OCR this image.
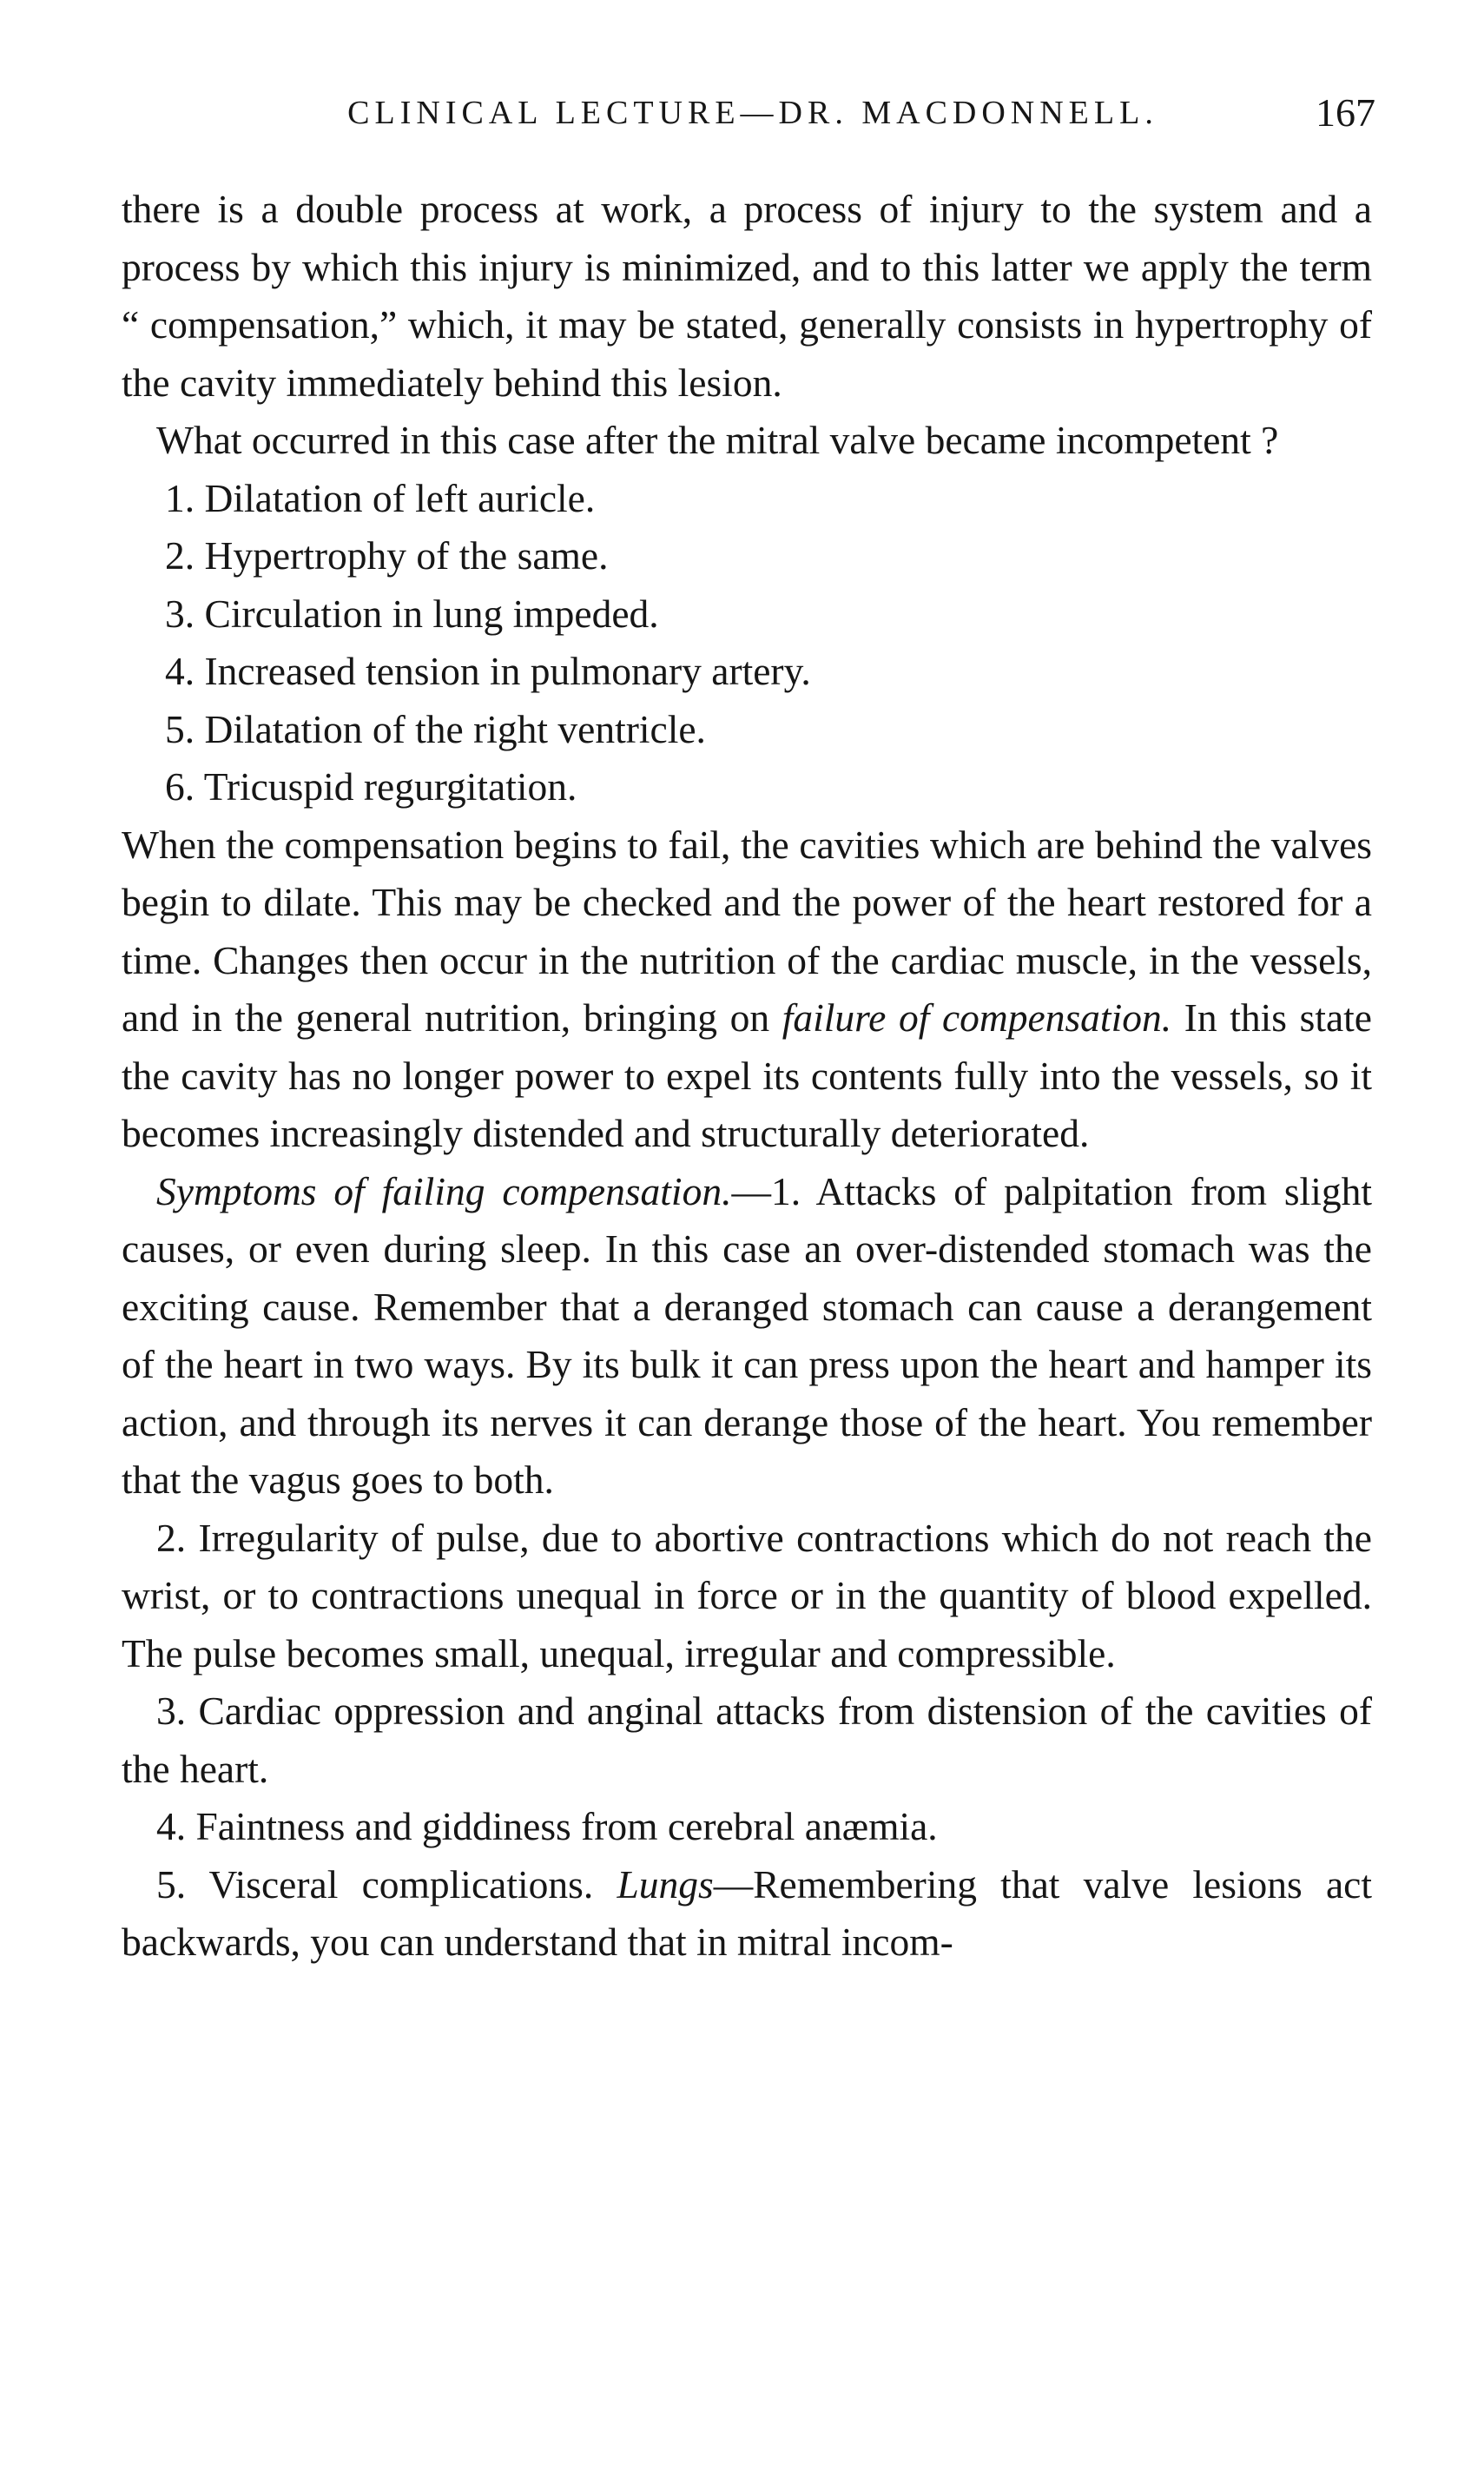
CLINICAL LECTURE—DR. MACDONNELL.	167

there is a double process at work, a process of injury to the system and a process by which this injury is minimized, and to this latter we apply the term “ compensation,” which, it may be stated, generally consists in hypertrophy of the cavity immediately behind this lesion.

What occurred in this case after the mitral valve became incompetent ?

1. Dilatation of left auricle.

2. Hypertrophy of the same.

3. Circulation in lung impeded.

4. Increased tension in pulmonary artery.

5. Dilatation of the right ventricle.

6. Tricuspid regurgitation.

When the compensation begins to fail, the cavities which are behind the valves begin to dilate. This may be checked and the power of the heart restored for a time. Changes then occur in the nutrition of the cardiac muscle, in the vessels, and in the general nutrition, bringing on failure of compensation. In this state the cavity has no longer power to expel its contents fully into the vessels, so it becomes increasingly distended and structurally deteriorated.

Symptoms of failing compensation.—1. Attacks of palpitation from slight causes, or even during sleep. In this case an over-distended stomach was the exciting cause. Remember that a deranged stomach can cause a derangement of the heart in two ways. By its bulk it can press upon the heart and hamper its action, and through its nerves it can derange those of the heart. You remember that the vagus goes to both.

2. Irregularity of pulse, due to abortive contractions which do not reach the wrist, or to contractions unequal in force or in the quantity of blood expelled. The pulse becomes small, unequal, irregular and compressible.

3. Cardiac oppression and anginal attacks from distension of the cavities of the heart.

4. Faintness and giddiness from cerebral anæmia.

5. Visceral complications. Lungs—Remembering that valve lesions act backwards, you can understand that in mitral incom-
